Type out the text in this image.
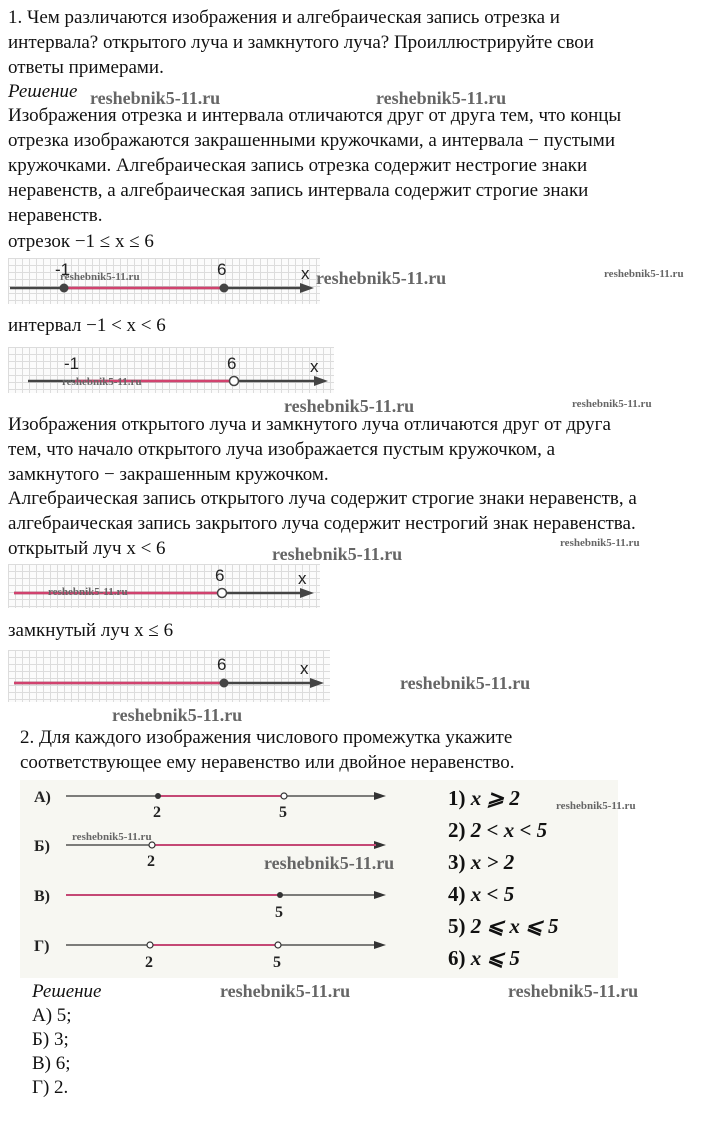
1. Чем различаются изображения и алгебраическая запись отрезка и

интервала? открытого луча и замкнутого луча? Проиллюстрируйте свои

ответы примерами.

Решение

Изображения отрезка и интервала отличаются друг от друга тем, что концы

отрезка изображаются закрашенными кружочками, а интервала − пустыми

кружочками. Алгебраическая запись отрезка содержит нестрогие знаки

неравенств, а алгебраическая запись интервала содержит строгие знаки

неравенств.

отрезок −1 ≤ x ≤ 6

-1	6	x

интервал −1 < x < 6

-1	6	x

Изображения открытого луча и замкнутого луча отличаются друг от друга

тем, что начало открытого луча изображается пустым кружочком, а

замкнутого − закрашенным кружочком.

Алгебраическая запись открытого луча содержит строгие знаки неравенств, а

алгебраическая запись закрытого луча содержит нестрогий знак неравенства.

открытый луч x < 6

6	x

замкнутый луч x ≤ 6

6	x

2. Для каждого изображения числового промежутка укажите

соответствующее ему неравенство или двойное неравенство.

А)
2	5
Б)
2
В)
5
Г)
2	5
1) x ⩾ 2
2) 2 < x < 5
3) x > 2
4) x < 5
5) 2 ⩽ x ⩽ 5
6) x ⩽ 5

Решение

А) 5;

Б) 3;

В) 6;

Г) 2.

reshebnik5-11.ru	reshebnik5-11.ru
reshebnik5-11.ru	reshebnik5-11.ru	reshebnik5-11.ru
reshebnik5-11.ru
reshebnik5-11.ru	reshebnik5-11.ru
reshebnik5-11.ru
reshebnik5-11.ru
reshebnik5-11.ru
reshebnik5-11.ru
reshebnik5-11.ru
reshebnik5-11.ru
reshebnik5-11.ru
reshebnik5-11.ru
reshebnik5-11.ru	reshebnik5-11.ru
